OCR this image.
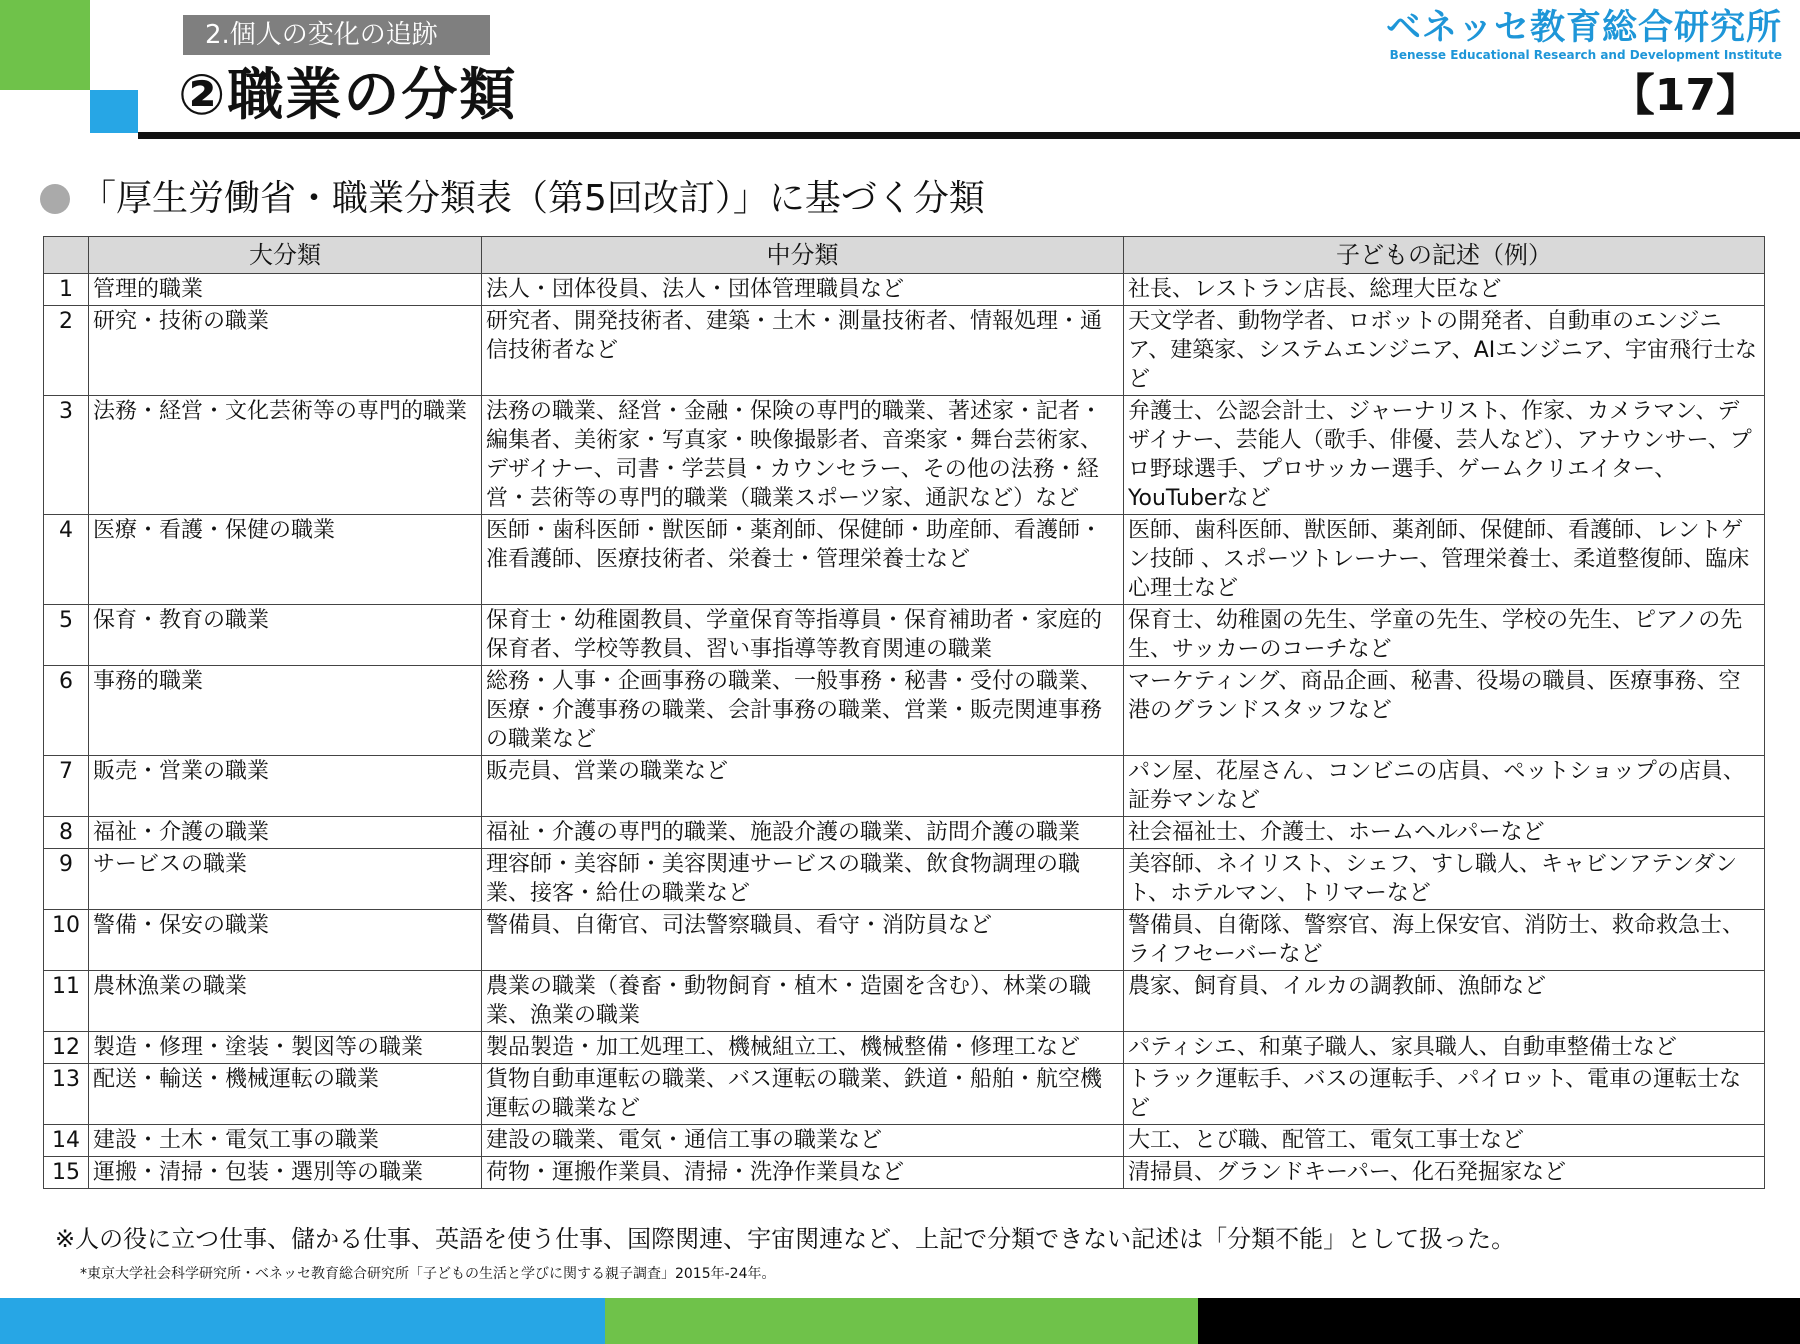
2.個人の変化の追跡
②職業の分類
ベネッセ教育総合研究所
Benesse Educational Research and Development Institute
【17】
「厚生労働省・職業分類表（第5回改訂）」に基づく分類
	大分類	中分類	子どもの記述（例）
1	管理的職業	法人・団体役員、法人・団体管理職員など	社長、レストラン店長、総理大臣など
2	研究・技術の職業	研究者、開発技術者、建築・土木・測量技術者、情報処理・通信技術者など	天文学者、動物学者、ロボットの開発者、自動車のエンジニア、建築家、システムエンジニア、AIエンジニア、宇宙飛行士など
3	法務・経営・文化芸術等の専門的職業	法務の職業、経営・金融・保険の専門的職業、著述家・記者・編集者、美術家・写真家・映像撮影者、音楽家・舞台芸術家、デザイナー、司書・学芸員・カウンセラー、その他の法務・経営・芸術等の専門的職業（職業スポーツ家、通訳など）など	弁護士、公認会計士、ジャーナリスト、作家、カメラマン、デザイナー、芸能人（歌手、俳優、芸人など）、アナウンサー、プロ野球選手、プロサッカー選手、ゲームクリエイター、YouTuberなど
4	医療・看護・保健の職業	医師・歯科医師・獣医師・薬剤師、保健師・助産師、看護師・准看護師、医療技術者、栄養士・管理栄養士など	医師、歯科医師、獣医師、薬剤師、保健師、看護師、レントゲン技師 、スポーツトレーナー、管理栄養士、柔道整復師、臨床心理士など
5	保育・教育の職業	保育士・幼稚園教員、学童保育等指導員・保育補助者・家庭的保育者、学校等教員、習い事指導等教育関連の職業	保育士、幼稚園の先生、学童の先生、学校の先生、ピアノの先生、サッカーのコーチなど
6	事務的職業	総務・人事・企画事務の職業、一般事務・秘書・受付の職業、医療・介護事務の職業、会計事務の職業、営業・販売関連事務の職業など	マーケティング、商品企画、秘書、役場の職員、医療事務、空港のグランドスタッフなど
7	販売・営業の職業	販売員、営業の職業など	パン屋、花屋さん、コンビニの店員、ペットショップの店員、証券マンなど
8	福祉・介護の職業	福祉・介護の専門的職業、施設介護の職業、訪問介護の職業	社会福祉士、介護士、ホームヘルパーなど
9	サービスの職業	理容師・美容師・美容関連サービスの職業、飲食物調理の職業、接客・給仕の職業など	美容師、ネイリスト、シェフ、すし職人、キャビンアテンダント、ホテルマン、トリマーなど
10	警備・保安の職業	警備員、自衛官、司法警察職員、看守・消防員など	警備員、自衛隊、警察官、海上保安官、消防士、救命救急士、ライフセーバーなど
11	農林漁業の職業	農業の職業（養畜・動物飼育・植木・造園を含む）、林業の職業、漁業の職業	農家、飼育員、イルカの調教師、漁師など
12	製造・修理・塗装・製図等の職業	製品製造・加工処理工、機械組立工、機械整備・修理工など	パティシエ、和菓子職人、家具職人、自動車整備士など
13	配送・輸送・機械運転の職業	貨物自動車運転の職業、バス運転の職業、鉄道・船舶・航空機運転の職業など	トラック運転手、バスの運転手、パイロット、電車の運転士など
14	建設・土木・電気工事の職業	建設の職業、電気・通信工事の職業など	大工、とび職、配管工、電気工事士など
15	運搬・清掃・包装・選別等の職業	荷物・運搬作業員、清掃・洗浄作業員など	清掃員、グランドキーパー、化石発掘家など
※人の役に立つ仕事、儲かる仕事、英語を使う仕事、国際関連、宇宙関連など、上記で分類できない記述は「分類不能」として扱った。
*東京大学社会科学研究所・ベネッセ教育総合研究所「子どもの生活と学びに関する親子調査」2015年-24年。
